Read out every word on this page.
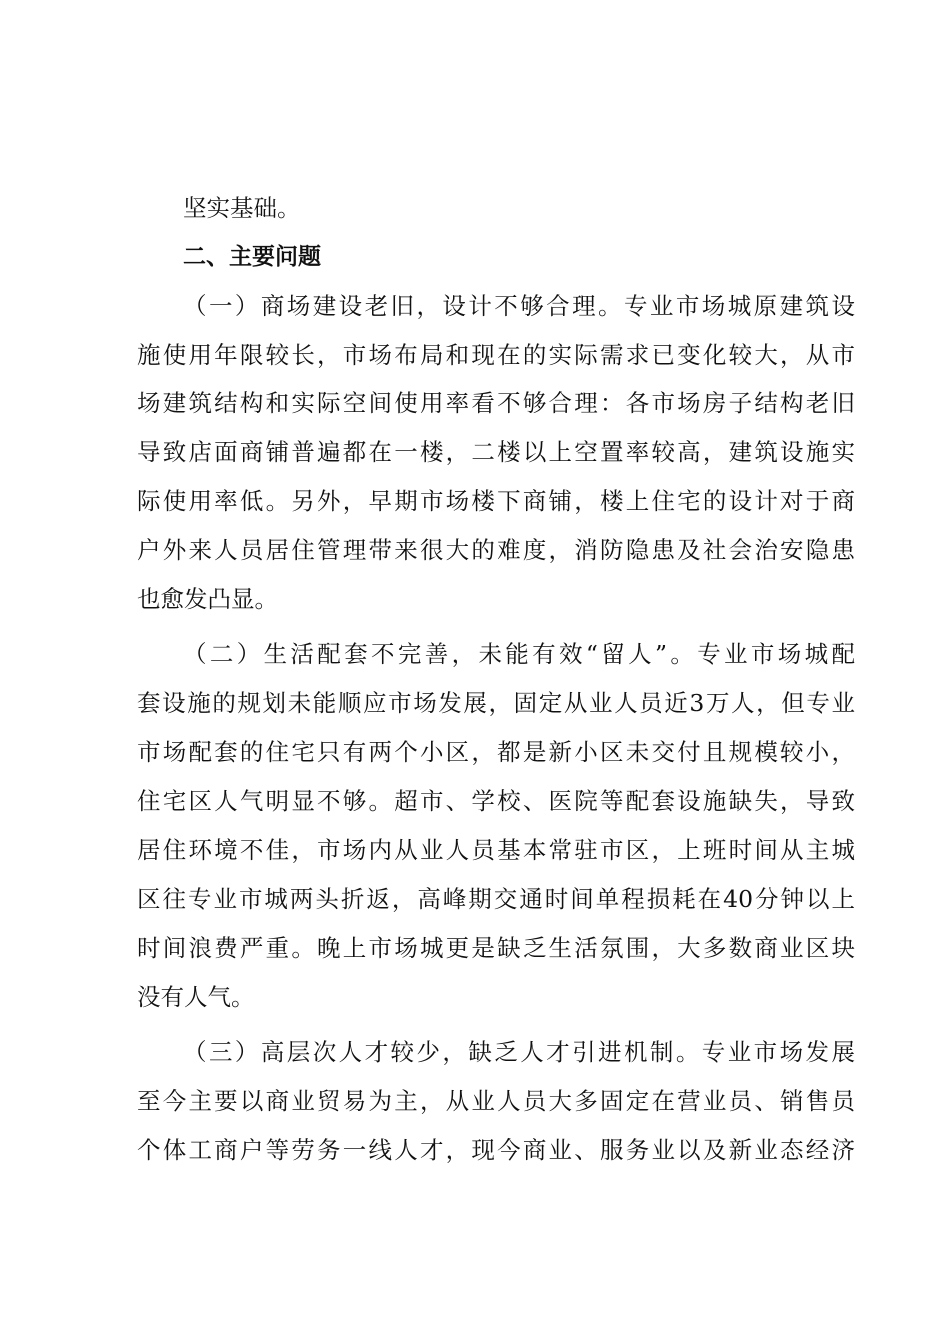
坚实基础。
二、主要问题
（一）商场建设老旧，设计不够合理。专业市场城原建筑设
施使用年限较长，市场布局和现在的实际需求已变化较大，从市
场建筑结构和实际空间使用率看不够合理：各市场房子结构老旧
导致店面商铺普遍都在一楼，二楼以上空置率较高，建筑设施实
际使用率低。另外，早期市场楼下商铺，楼上住宅的设计对于商
户外来人员居住管理带来很大的难度，消防隐患及社会治安隐患
也愈发凸显。
（二）生活配套不完善，未能有效“留人”。专业市场城配
套设施的规划未能顺应市场发展，固定从业人员近3万人，但专业
市场配套的住宅只有两个小区，都是新小区未交付且规模较小，
住宅区人气明显不够。超市、学校、医院等配套设施缺失，导致
居住环境不佳，市场内从业人员基本常驻市区，上班时间从主城
区往专业市城两头折返，高峰期交通时间单程损耗在40分钟以上
时间浪费严重。晚上市场城更是缺乏生活氛围，大多数商业区块
没有人气。
（三）高层次人才较少，缺乏人才引进机制。专业市场发展
至今主要以商业贸易为主，从业人员大多固定在营业员、销售员
个体工商户等劳务一线人才，现今商业、服务业以及新业态经济
